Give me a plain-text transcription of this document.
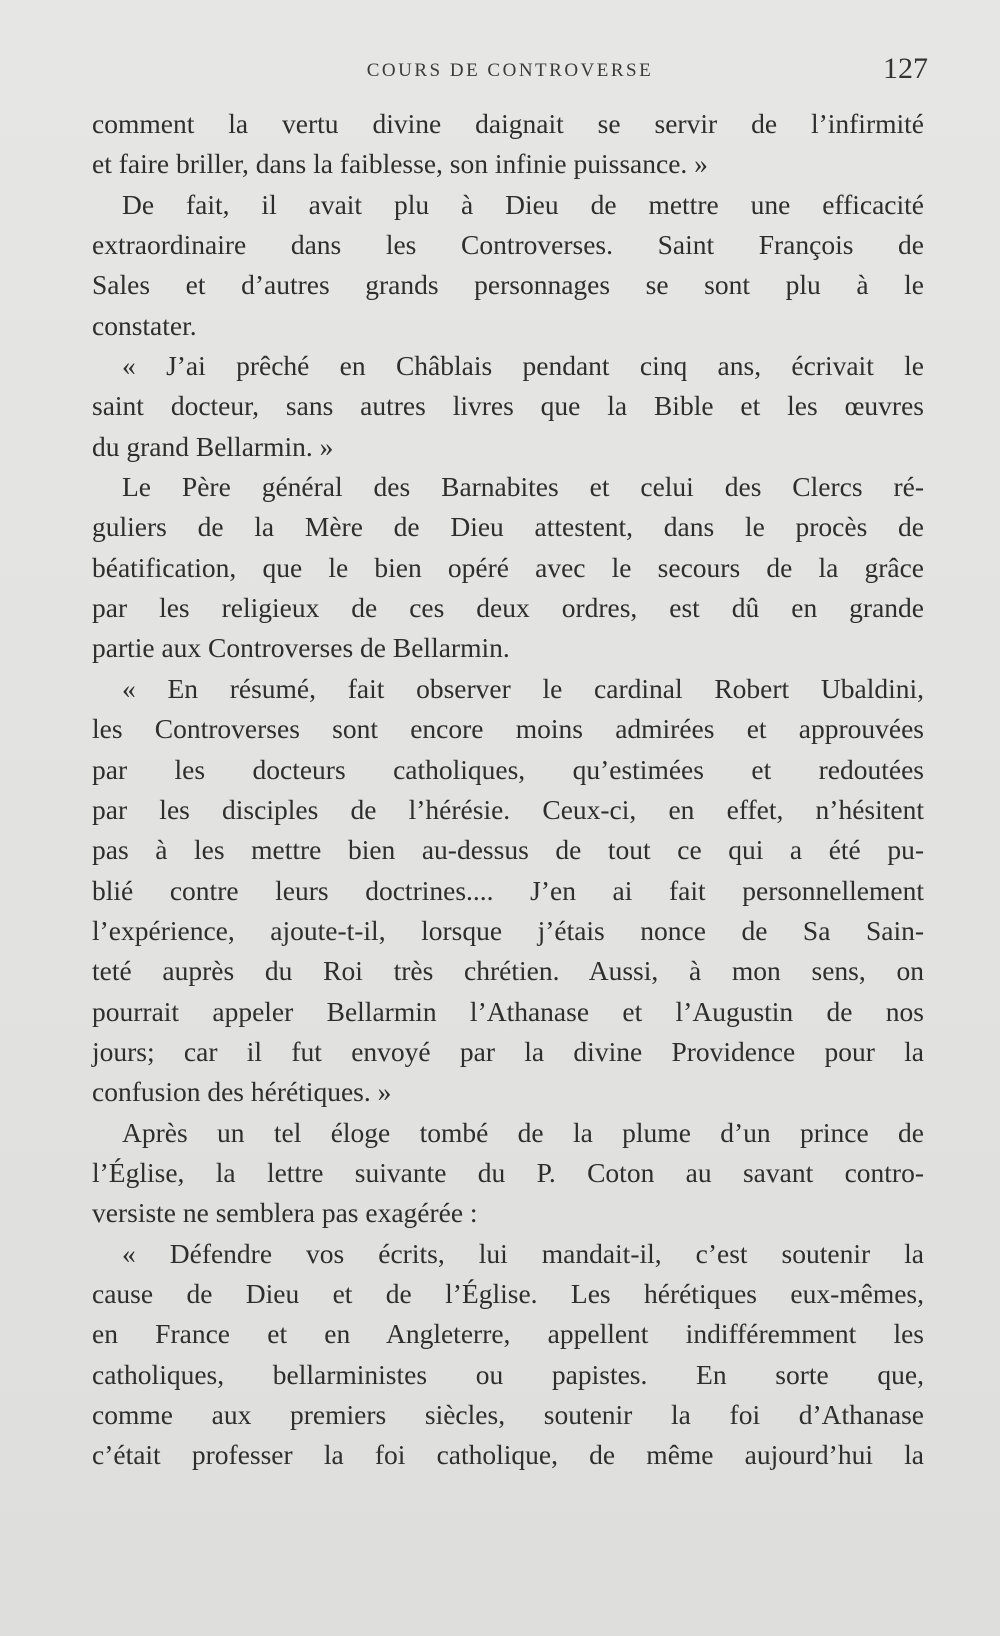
COURS DE CONTROVERSE	127
comment la vertu divine daignait se servir de l’infirmité
et faire briller, dans la faiblesse, son infinie puissance. »
De fait, il avait plu à Dieu de mettre une efficacité
extraordinaire dans les Controverses. Saint François de
Sales et d’autres grands personnages se sont plu à le
constater.
« J’ai prêché en Châblais pendant cinq ans, écrivait le
saint docteur, sans autres livres que la Bible et les œuvres
du grand Bellarmin. »
Le Père général des Barnabites et celui des Clercs ré-
guliers de la Mère de Dieu attestent, dans le procès de
béatification, que le bien opéré avec le secours de la grâce
par les religieux de ces deux ordres, est dû en grande
partie aux Controverses de Bellarmin.
« En résumé, fait observer le cardinal Robert Ubaldini,
les Controverses sont encore moins admirées et approuvées
par les docteurs catholiques, qu’estimées et redoutées
par les disciples de l’hérésie. Ceux-ci, en effet, n’hésitent
pas à les mettre bien au-dessus de tout ce qui a été pu-
blié contre leurs doctrines.... J’en ai fait personnellement
l’expérience, ajoute-t-il, lorsque j’étais nonce de Sa Sain-
teté auprès du Roi très chrétien. Aussi, à mon sens, on
pourrait appeler Bellarmin l’Athanase et l’Augustin de nos
jours; car il fut envoyé par la divine Providence pour la
confusion des hérétiques. »
Après un tel éloge tombé de la plume d’un prince de
l’Église, la lettre suivante du P. Coton au savant contro-
versiste ne semblera pas exagérée :
« Défendre vos écrits, lui mandait-il, c’est soutenir la
cause de Dieu et de l’Église. Les hérétiques eux-mêmes,
en France et en Angleterre, appellent indifféremment les
catholiques, bellarministes ou papistes. En sorte que,
comme aux premiers siècles, soutenir la foi d’Athanase
c’était professer la foi catholique, de même aujourd’hui la
